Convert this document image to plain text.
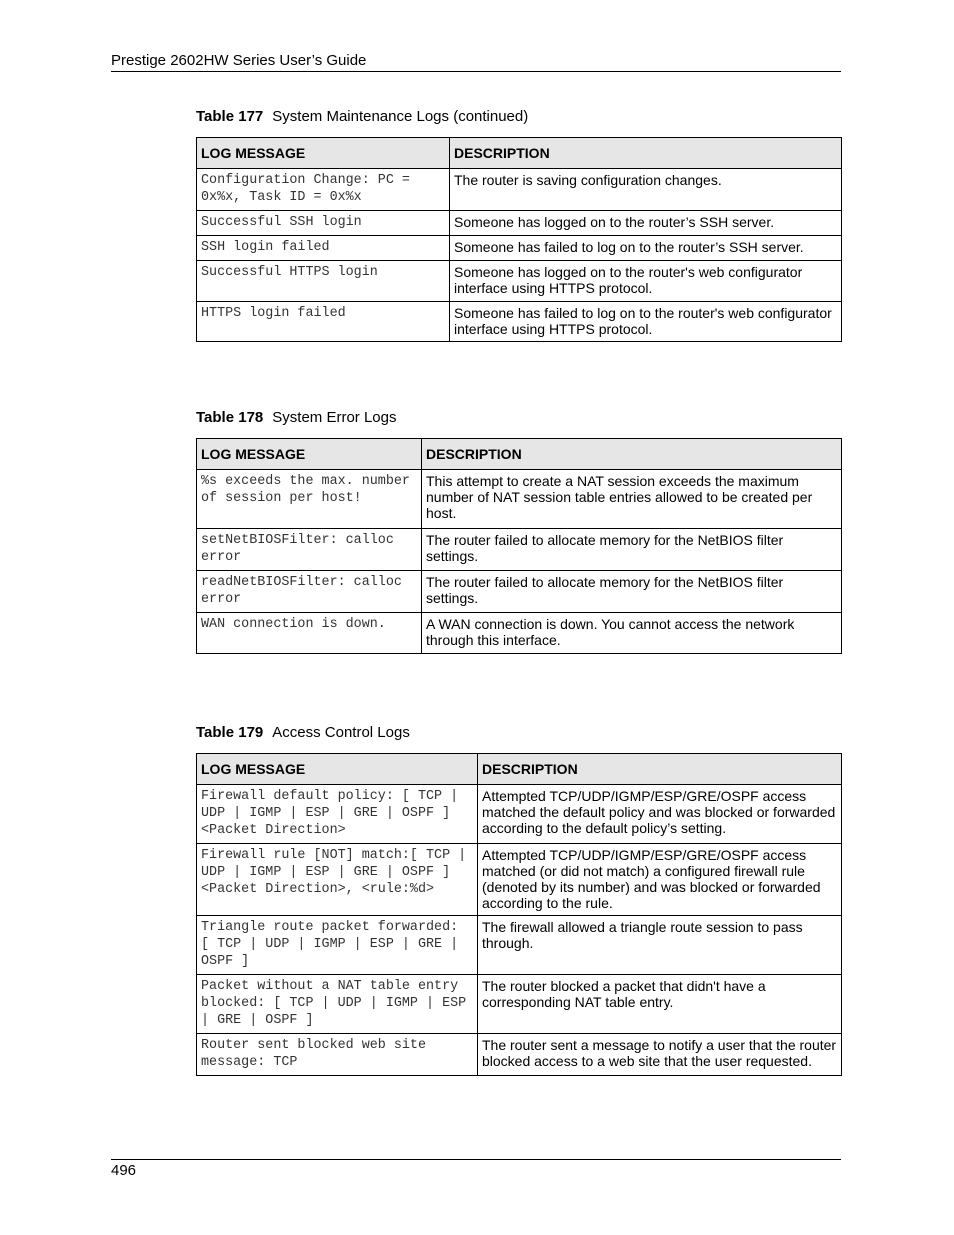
Prestige 2602HW Series User’s Guide
Table 177 System Maintenance Logs (continued)
LOG MESSAGE	DESCRIPTION
Configuration Change: PC = 0x%x, Task ID = 0x%x	The router is saving configuration changes.
Successful SSH login	Someone has logged on to the router’s SSH server.
SSH login failed	Someone has failed to log on to the router’s SSH server.
Successful HTTPS login	Someone has logged on to the router's web configurator interface using HTTPS protocol.
HTTPS login failed	Someone has failed to log on to the router's web configurator interface using HTTPS protocol.
Table 178 System Error Logs
LOG MESSAGE	DESCRIPTION
%s exceeds the max. number of session per host!	This attempt to create a NAT session exceeds the maximum number of NAT session table entries allowed to be created per host.
setNetBIOSFilter: calloc error	The router failed to allocate memory for the NetBIOS filter settings.
readNetBIOSFilter: calloc error	The router failed to allocate memory for the NetBIOS filter settings.
WAN connection is down.	A WAN connection is down. You cannot access the network through this interface.
Table 179 Access Control Logs
LOG MESSAGE	DESCRIPTION
Firewall default policy: [ TCP | UDP | IGMP | ESP | GRE | OSPF ] <Packet Direction>	Attempted TCP/UDP/IGMP/ESP/GRE/OSPF access matched the default policy and was blocked or forwarded according to the default policy’s setting.
Firewall rule [NOT] match:[ TCP | UDP | IGMP | ESP | GRE | OSPF ] <Packet Direction>, <rule:%d>	Attempted TCP/UDP/IGMP/ESP/GRE/OSPF access matched (or did not match) a configured firewall rule (denoted by its number) and was blocked or forwarded according to the rule.
Triangle route packet forwarded: [ TCP | UDP | IGMP | ESP | GRE | OSPF ]	The firewall allowed a triangle route session to pass through.
Packet without a NAT table entry blocked: [ TCP | UDP | IGMP | ESP | GRE | OSPF ]	The router blocked a packet that didn't have a corresponding NAT table entry.
Router sent blocked web site message: TCP	The router sent a message to notify a user that the router blocked access to a web site that the user requested.
496
